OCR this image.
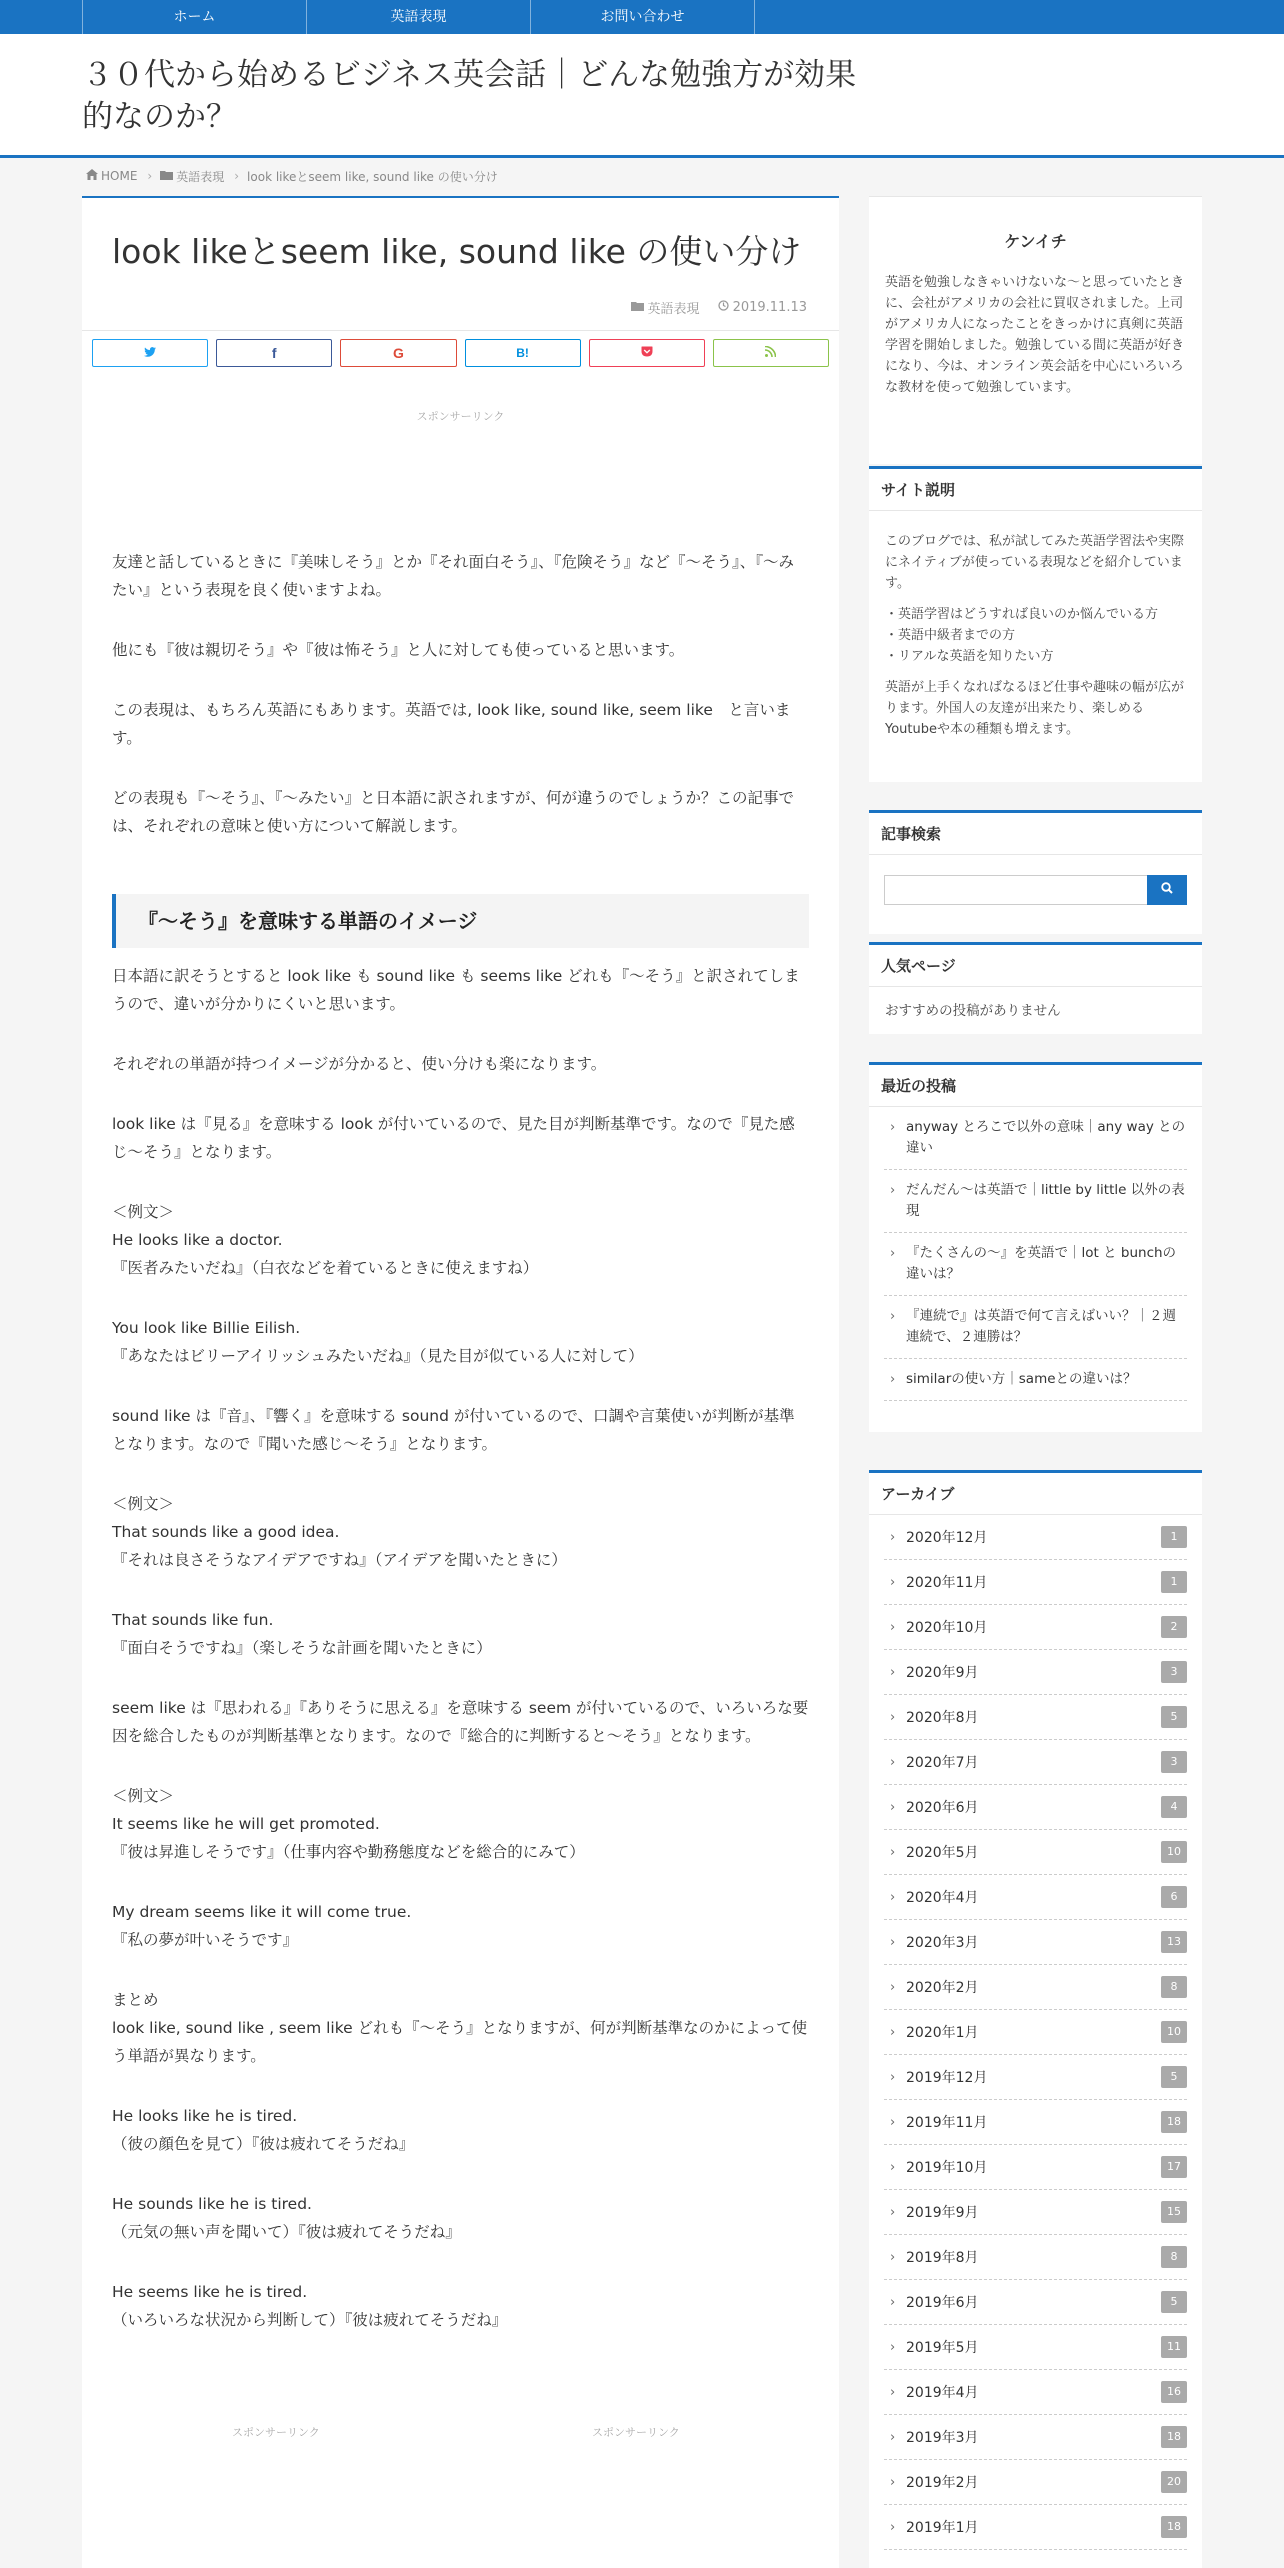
ホーム	英語表現	お問い合わせ
３０代から始めるビジネス英会話｜どんな勉強方が効果的なのか？
HOME › 英語表現 › look likeとseem like, sound like の使い分け
look likeとseem like, sound like の使い分け
英語表現	2019.11.13
f	G	B!
スポンサーリンク

友達と話しているときに『美味しそう』とか『それ面白そう』、『危険そう』など『〜そう』、『〜みたい』という表現を良く使いますよね。

他にも『彼は親切そう』や『彼は怖そう』と人に対しても使っていると思います。

この表現は、もちろん英語にもあります。英語では, look like, sound like, seem like　と言います。

どの表現も『〜そう』、『〜みたい』と日本語に訳されますが、何が違うのでしょうか？この記事では、それぞれの意味と使い方について解説します。

『〜そう』を意味する単語のイメージ
日本語に訳そうとすると look like も sound like も seems like どれも『〜そう』と訳されてしまうので、違いが分かりにくいと思います。
それぞれの単語が持つイメージが分かると、使い分けも楽になります。
look like は『見る』を意味する look が付いているので、見た目が判断基準です。なので『見た感じ〜そう』となります。
＜例文＞
He looks like a doctor.
『医者みたいだね』（白衣などを着ているときに使えますね）
You look like Billie Eilish.
『あなたはビリーアイリッシュみたいだね』（見た目が似ている人に対して）
sound like は『音』、『響く』を意味する sound が付いているので、口調や言葉使いが判断が基準となります。なので『聞いた感じ〜そう』となります。
＜例文＞
That sounds like a good idea.
『それは良さそうなアイデアですね』（アイデアを聞いたときに）
That sounds like fun.
『面白そうですね』（楽しそうな計画を聞いたときに）
seem like は『思われる』『ありそうに思える』を意味する seem が付いているので、いろいろな要因を総合したものが判断基準となります。なので『総合的に判断すると〜そう』となります。
＜例文＞
It seems like he will get promoted.
『彼は昇進しそうです』（仕事内容や勤務態度などを総合的にみて）
My dream seems like it will come true.
『私の夢が叶いそうです』
まとめ
look like, sound like , seem like どれも『〜そう』となりますが、何が判断基準なのかによって使う単語が異なります。
He looks like he is tired.
（彼の顔色を見て）『彼は疲れてそうだね』
He sounds like he is tired.
（元気の無い声を聞いて）『彼は疲れてそうだね』
He seems like he is tired.
（いろいろな状況から判断して）『彼は疲れてそうだね』
スポンサーリンク	スポンサーリンク
ケンイチ

英語を勉強しなきゃいけないな〜と思っていたときに、会社がアメリカの会社に買収されました。上司がアメリカ人になったことをきっかけに真剣に英語学習を開始しました。勉強している間に英語が好きになり、今は、オンライン英会話を中心にいろいろな教材を使って勉強しています。

サイト説明

このブログでは、私が試してみた英語学習法や実際にネイティブが使っている表現などを紹介しています。

・英語学習はどうすれば良いのか悩んでいる方
・英語中級者までの方
・リアルな英語を知りたい方

英語が上手くなればなるほど仕事や趣味の幅が広がります。外国人の友達が出来たり、楽しめるYoutubeや本の種類も増えます。

記事検索
人気ページ

おすすめの投稿がありません

最近の投稿
› anyway とろこで以外の意味｜any way との違い
› だんだん〜は英語で｜little by little 以外の表現
› 『たくさんの〜』を英語で｜lot と bunchの違いは？
› 『連続で』は英語で何て言えばいい？｜２週連続で、２連勝は？
› similarの使い方｜sameとの違いは？
アーカイブ
› 2020年12月	1
› 2020年11月	1
› 2020年10月	2
› 2020年9月	3
› 2020年8月	5
› 2020年7月	3
› 2020年6月	4
› 2020年5月	10
› 2020年4月	6
› 2020年3月	13
› 2020年2月	8
› 2020年1月	10
› 2019年12月	5
› 2019年11月	18
› 2019年10月	17
› 2019年9月	15
› 2019年8月	8
› 2019年6月	5
› 2019年5月	11
› 2019年4月	16
› 2019年3月	18
› 2019年2月	20
› 2019年1月	18
